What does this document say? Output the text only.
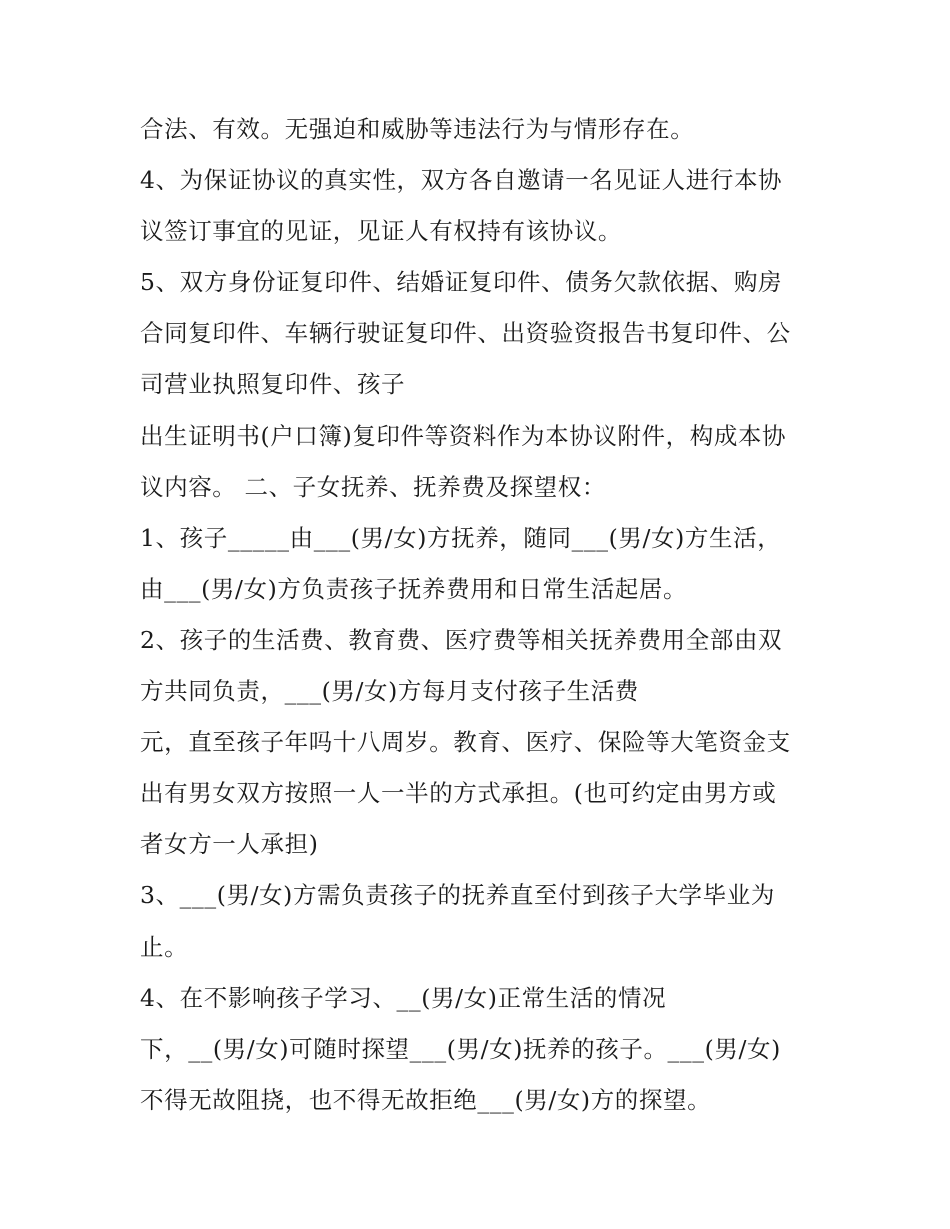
合法、有效。无强迫和威胁等违法行为与情形存在。
4、为保证协议的真实性，双方各自邀请一名见证人进行本协
议签订事宜的见证，见证人有权持有该协议。
5、双方身份证复印件、结婚证复印件、债务欠款依据、购房
合同复印件、车辆行驶证复印件、出资验资报告书复印件、公
司营业执照复印件、孩子
出生证明书(户口簿)复印件等资料作为本协议附件，构成本协
议内容。 二、子女抚养、抚养费及探望权：
1、孩子_____由___(男/女)方抚养，随同___(男/女)方生活，
由___(男/女)方负责孩子抚养费用和日常生活起居。
2、孩子的生活费、教育费、医疗费等相关抚养费用全部由双
方共同负责，___(男/女)方每月支付孩子生活费
元，直至孩子年吗十八周岁。教育、医疗、保险等大笔资金支
出有男女双方按照一人一半的方式承担。(也可约定由男方或
者女方一人承担)
3、___(男/女)方需负责孩子的抚养直至付到孩子大学毕业为
止。
4、在不影响孩子学习、__(男/女)正常生活的情况
下，__(男/女)可随时探望___(男/女)抚养的孩子。___(男/女)
不得无故阻挠，也不得无故拒绝___(男/女)方的探望。
